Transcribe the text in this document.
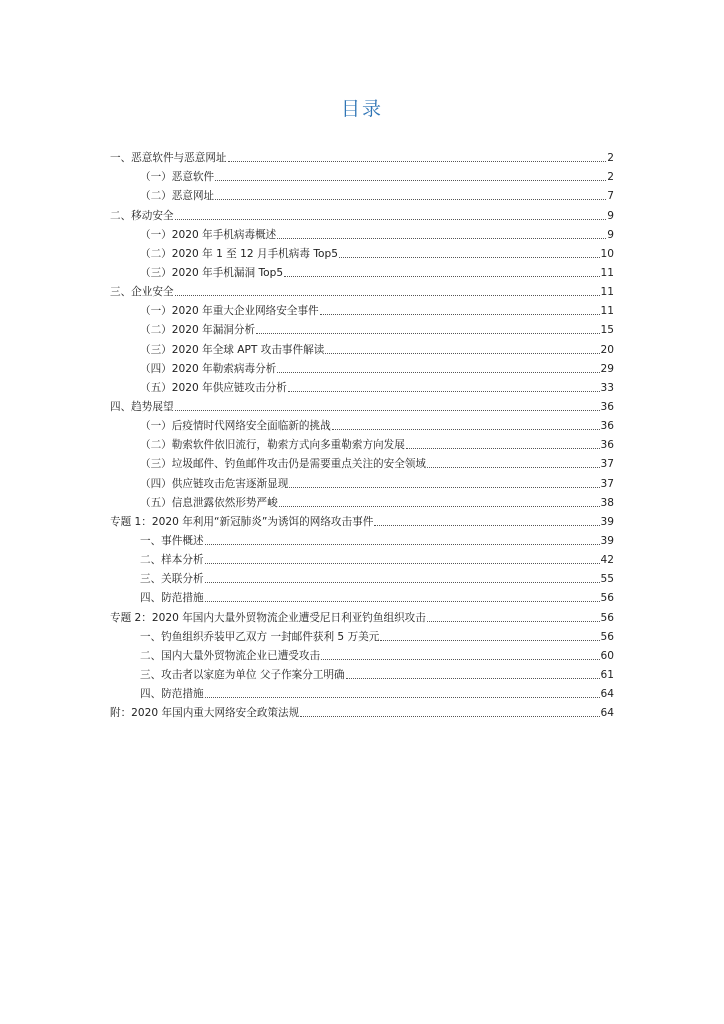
目录
一、恶意软件与恶意网址	2
（一）恶意软件	2
（二）恶意网址	7
二、移动安全	9
（一）2020 年手机病毒概述	9
（二）2020 年 1 至 12 月手机病毒 Top5	10
（三）2020 年手机漏洞 Top5	11
三、企业安全	11
（一）2020 年重大企业网络安全事件	11
（二）2020 年漏洞分析	15
（三）2020 年全球 APT 攻击事件解读	20
（四）2020 年勒索病毒分析	29
（五）2020 年供应链攻击分析	33
四、趋势展望	36
（一）后疫情时代网络安全面临新的挑战	36
（二）勒索软件依旧流行，勒索方式向多重勒索方向发展	36
（三）垃圾邮件、钓鱼邮件攻击仍是需要重点关注的安全领域	37
（四）供应链攻击危害逐渐显现	37
（五）信息泄露依然形势严峻	38
专题 1：2020 年利用“新冠肺炎”为诱饵的网络攻击事件	39
一、事件概述	39
二、样本分析	42
三、关联分析	55
四、防范措施	56
专题 2：2020 年国内大量外贸物流企业遭受尼日利亚钓鱼组织攻击	56
一、钓鱼组织乔装甲乙双方 一封邮件获利 5 万美元	56
二、国内大量外贸物流企业已遭受攻击	60
三、攻击者以家庭为单位 父子作案分工明确	61
四、防范措施	64
附：2020 年国内重大网络安全政策法规	64
